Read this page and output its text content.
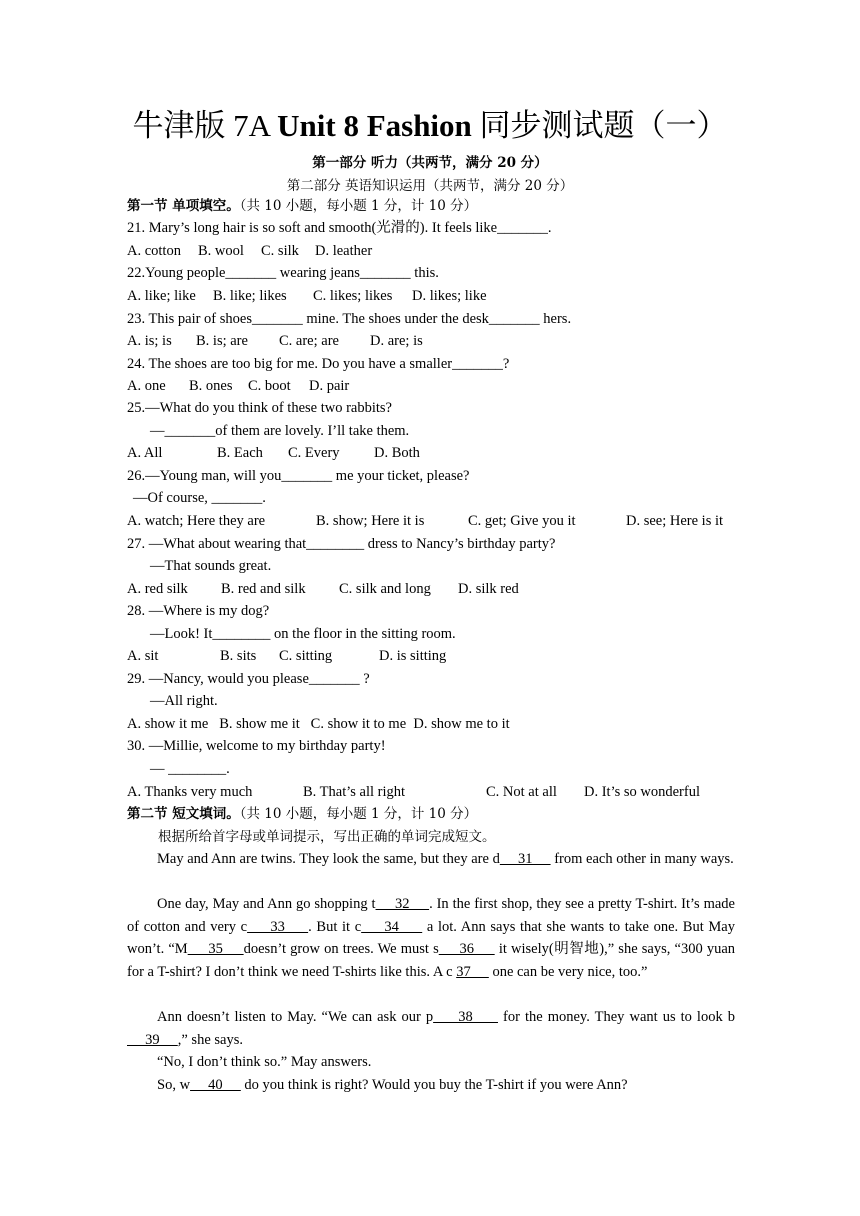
牛津版 7A Unit 8 Fashion 同步测试题（一）
第一部分 听力（共两节，满分 20 分）
第二部分 英语知识运用（共两节，满分 20 分）
第一节 单项填空。（共 10 小题，每小题 1 分，计 10 分）
21. Mary’s long hair is so soft and smooth(光滑的). It feels like_______.
A. cotton B. wool C. silk D. leather
22.Young people_______ wearing jeans_______ this.
A. like; like B. like; likes C. likes; likes D. likes; like
23. This pair of shoes_______ mine. The shoes under the desk_______ hers.
A. is; is B. is; are C. are; are D. are; is
24. The shoes are too big for me. Do you have a smaller_______?
A. one B. ones C. boot D. pair
25.—What do you think of these two rabbits?
—_______of them are lovely. I’ll take them.
A. All	B. Each C. Every D. Both
26.—Young man, will you_______ me your ticket, please?
—Of course, _______.
A. watch; Here they are	B. show; Here it is	C. get; Give you it	D. see; Here is it
27. —What about wearing that________ dress to Nancy’s birthday party?
—That sounds great.
A. red silk B. red and silk C. silk and long D. silk red
28. —Where is my dog?
—Look! It________ on the floor in the sitting room.
A. sit	B. sits C. sitting	D. is sitting
29. —Nancy, would you please_______ ?
—All right.
A. show it me   B. show me it   C. show it to me  D. show me to it
30. —Millie, welcome to my birthday party!
— ________.
A. Thanks very much	B. That’s all right	C. Not at all D. It’s so wonderful
第二节 短文填词。（共 10 小题，每小题 1 分，计 10 分）
根据所给首字母或单词提示，写出正确的单词完成短文。
May and Ann are twins. They look the same, but they are d     31      from each other in many ways.
One day, May and Ann go shopping t     32     . In the first shop, they see a pretty T-shirt. It’s made of cotton and very c     33     . But it c     34      a lot. Ann says that she wants to take one. But May won’t. “M     35     doesn’t grow on trees. We must s     36      it wisely(明智地),” she says, “300 yuan for a T-shirt? I don’t think we need T-shirts like this. A c 37      one can be very nice, too.”
Ann doesn’t listen to May. “We can ask our p     38      for the money. They want us to look b     39     ,” she says.
“No, I don’t think so.” May answers.
So, w     40      do you think is right? Would you buy the T-shirt if you were Ann?
